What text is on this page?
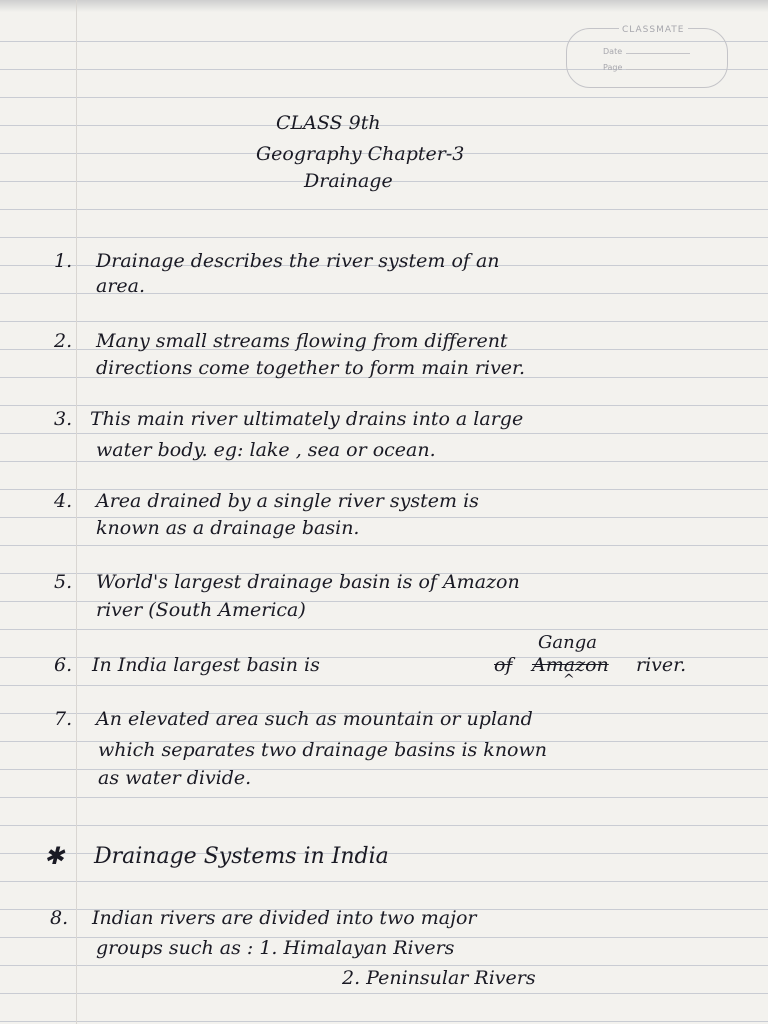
CLASSMATE
Date
Page
CLASS 9th
Geography Chapter-3
Drainage
1. Drainage describes the river system of an
area.
2. Many small streams flowing from different
directions come together to form main river.
3. This main river ultimately drains into a large
water body. eg: lake , sea or ocean.
4. Area drained by a single river system is
known as a drainage basin.
5. World's largest drainage basin is of Amazon
river (South America)
6. In India largest basin is	of Amazon
Ganga
^
river.
7. An elevated area such as mountain or upland
which separates two drainage basins is known
as water divide.
✱ Drainage Systems in India
8. Indian rivers are divided into two major
groups such as : 1. Himalayan Rivers
2. Peninsular Rivers
